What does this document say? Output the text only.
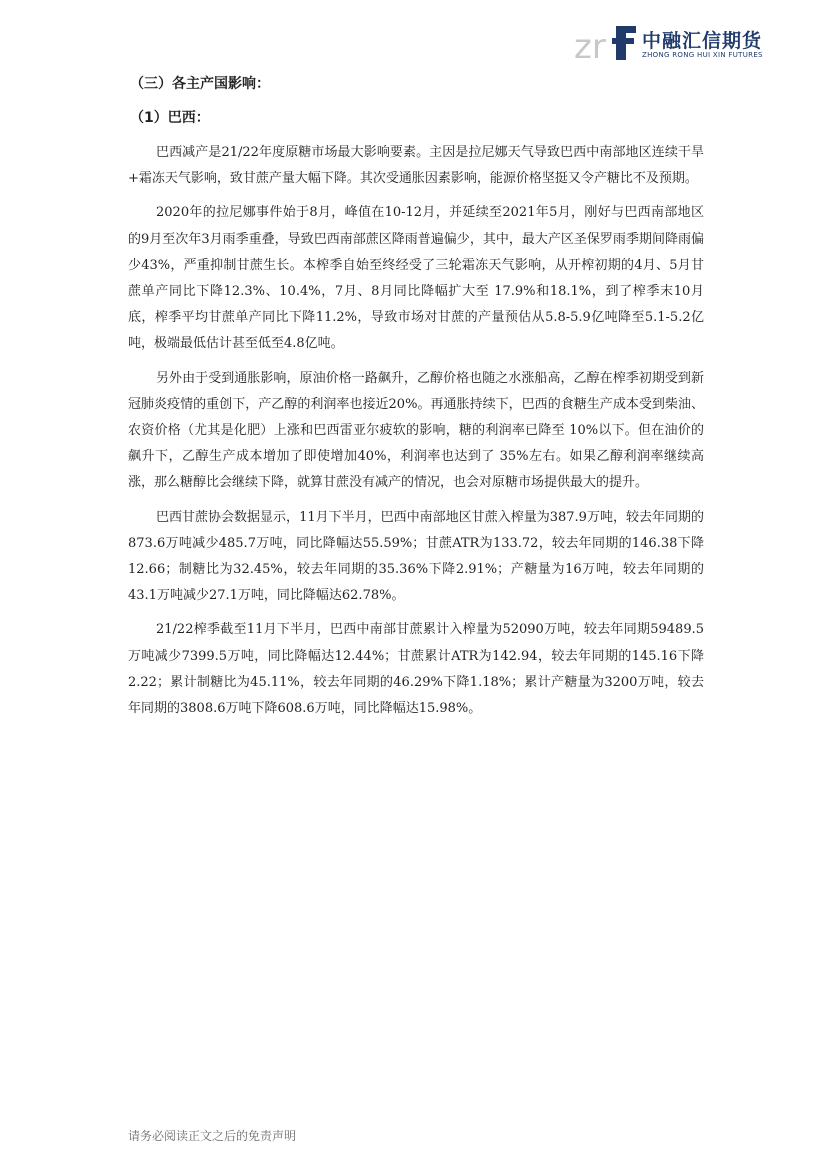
zr 中融汇信期货
ZHONG RONG HUI XIN FUTURES
（三）各主产国影响：
（1）巴西：

巴西减产是21/22年度原糖市场最大影响要素。主因是拉尼娜天气导致巴西中南部地区连续干旱+霜冻天气影响，致甘蔗产量大幅下降。其次受通胀因素影响，能源价格坚挺又令产糖比不及预期。

2020年的拉尼娜事件始于8月，峰值在10-12月，并延续至2021年5月，刚好与巴西南部地区的9月至次年3月雨季重叠，导致巴西南部蔗区降雨普遍偏少，其中，最大产区圣保罗雨季期间降雨偏少43%，严重抑制甘蔗生长。本榨季自始至终经受了三轮霜冻天气影响，从开榨初期的4月、5月甘蔗单产同比下降12.3%、10.4%，7月、8月同比降幅扩大至 17.9%和18.1%，到了榨季末10月底，榨季平均甘蔗单产同比下降11.2%，导致市场对甘蔗的产量预估从5.8-5.9亿吨降至5.1-5.2亿吨，极端最低估计甚至低至4.8亿吨。

另外由于受到通胀影响，原油价格一路飙升，乙醇价格也随之水涨船高，乙醇在榨季初期受到新冠肺炎疫情的重创下，产乙醇的利润率也接近20%。再通胀持续下，巴西的食糖生产成本受到柴油、农资价格（尤其是化肥）上涨和巴西雷亚尔疲软的影响，糖的利润率已降至 10%以下。但在油价的飙升下，乙醇生产成本增加了即使增加40%，利润率也达到了 35%左右。如果乙醇利润率继续高涨，那么糖醇比会继续下降，就算甘蔗没有减产的情况，也会对原糖市场提供最大的提升。

巴西甘蔗协会数据显示，11月下半月，巴西中南部地区甘蔗入榨量为387.9万吨，较去年同期的873.6万吨减少485.7万吨，同比降幅达55.59%；甘蔗ATR为133.72，较去年同期的146.38下降12.66；制糖比为32.45%，较去年同期的35.36%下降2.91%；产糖量为16万吨，较去年同期的43.1万吨减少27.1万吨，同比降幅达62.78%。

21/22榨季截至11月下半月，巴西中南部甘蔗累计入榨量为52090万吨，较去年同期59489.5万吨减少7399.5万吨，同比降幅达12.44%；甘蔗累计ATR为142.94，较去年同期的145.16下降2.22；累计制糖比为45.11%，较去年同期的46.29%下降1.18%；累计产糖量为3200万吨，较去年同期的3808.6万吨下降608.6万吨，同比降幅达15.98%。

请务必阅读正文之后的免责声明
